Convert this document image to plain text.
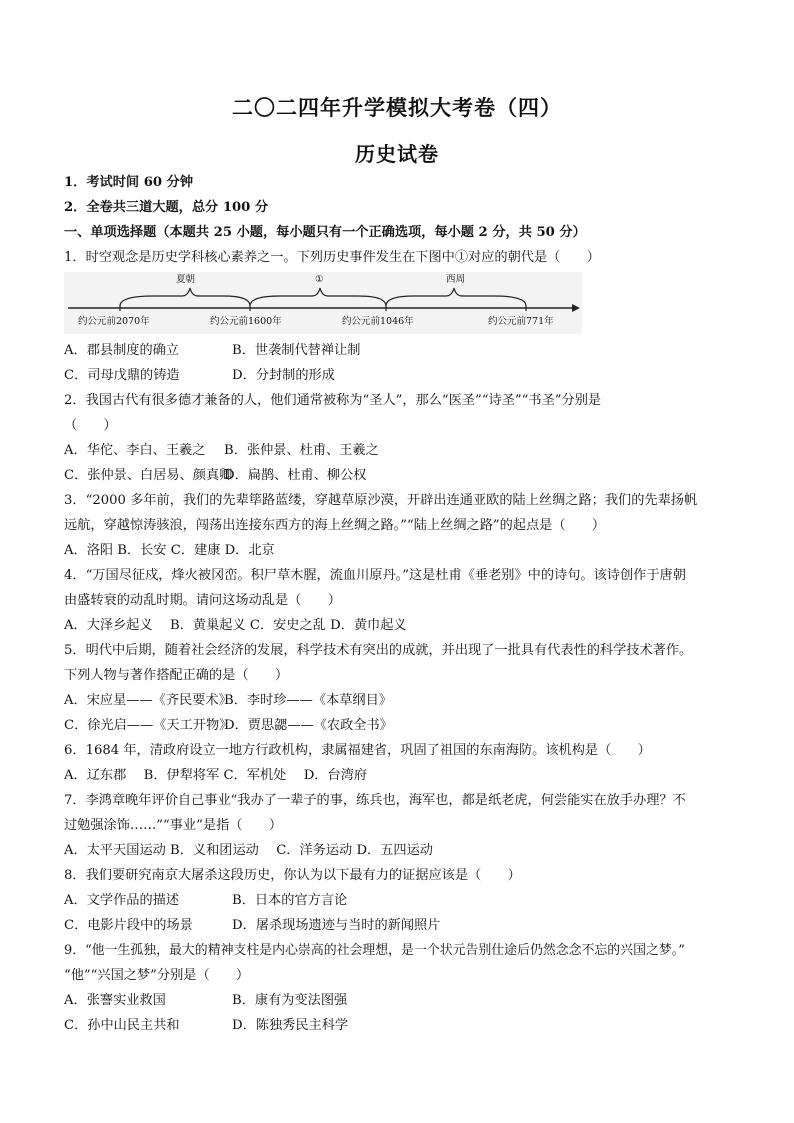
二〇二四年升学模拟大考卷（四）
历史试卷
1．考试时间 60 分钟
2．全卷共三道大题，总分 100 分
一、单项选择题（本题共 25 小题，每小题只有一个正确选项，每小题 2 分，共 50 分）
1．时空观念是历史学科核心素养之一。下列历史事件发生在下图中①对应的朝代是（　　）
夏朝	①	西周
约公元前2070年	约公元前1600年	约公元前1046年	约公元前771年
A．郡县制度的确立	B．世袭制代替禅让制
C．司母戊鼎的铸造	D．分封制的形成
2．我国古代有很多德才兼备的人，他们通常被称为“圣人”，那么“医圣”“诗圣”“书圣”分别是
（　　）
A．华佗、李白、王羲之 B．张仲景、杜甫、王羲之
C．张仲景、白居易、颜真卿D．扁鹊、杜甫、柳公权
3．“2000 多年前，我们的先辈筚路蓝缕，穿越草原沙漠，开辟出连通亚欧的陆上丝绸之路；我们的先辈扬帆
远航，穿越惊涛骇浪，闯荡出连接东西方的海上丝绸之路。”“陆上丝绸之路”的起点是（　　）
A．洛阳 B．长安 C．建康 D．北京
4．“万国尽征戍，烽火被冈峦。积尸草木腥，流血川原丹。”这是杜甫《垂老别》中的诗句。该诗创作于唐朝
由盛转衰的动乱时期。请问这场动乱是（　　）
A．大泽乡起义　 B．黄巢起义 C．安史之乱 D．黄巾起义
5．明代中后期，随着社会经济的发展，科学技术有突出的成就，并出现了一批具有代表性的科学技术著作。
下列人物与著作搭配正确的是（　　）
A．宋应星——《齐民要术》B．李时珍——《本草纲目》
C．徐光启——《天工开物》D．贾思勰——《农政全书》
6．1684 年，清政府设立一地方行政机构，隶属福建省，巩固了祖国的东南海防。该机构是（　　）
A．辽东郡　 B．伊犁将军 C．军机处　 D．台湾府
7．李鸿章晚年评价自己事业“我办了一辈子的事，练兵也，海军也，都是纸老虎，何尝能实在放手办理？不
过勉强涂饰……”“事业”是指（　　）
A．太平天国运动 B．义和团运动　 C．洋务运动 D．五四运动
8．我们要研究南京大屠杀这段历史，你认为以下最有力的证据应该是（　　）
A．文学作品的描述	B．日本的官方言论
C．电影片段中的场景	D．屠杀现场遗迹与当时的新闻照片
9．“他一生孤独，最大的精神支柱是内心崇高的社会理想，是一个状元告别仕途后仍然念念不忘的兴国之梦。”
“他”“兴国之梦”分别是（　　）
A．张謇实业救国	B．康有为变法图强
C．孙中山民主共和	D．陈独秀民主科学
